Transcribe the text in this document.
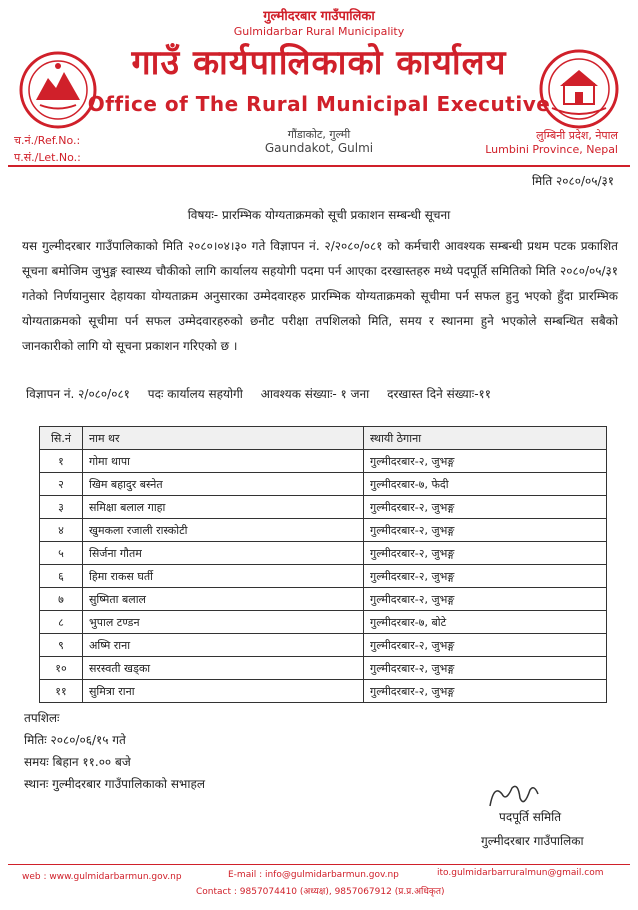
गुल्मीदरबार गाउँपालिका
Gulmidarbar Rural Municipality
गाउँ कार्यपालिकाको कार्यालय
Office of The Rural Municipal Executive
गौंडाकोट, गुल्मी
Gaundakot, Gulmi
च.नं./Ref.No.:
प.सं./Let.No.:
लुम्बिनी प्रदेश, नेपाल
Lumbini Province, Nepal
मिति २०८०/०५/३१
विषयः- प्रारम्भिक योग्यताक्रमको सूची प्रकाशन सम्बन्धी सूचना
यस गुल्मीदरबार गाउँपालिकाको मिति २०८०।०४।३० गते विज्ञापन नं. २/२०८०/०८१ को कर्मचारी आवश्यक सम्बन्धी प्रथम पटक प्रकाशित सूचना बमोजिम जुभुङ्ग स्वास्थ्य चौकीको लागि कार्यालय सहयोगी पदमा पर्न आएका दरखास्तहरु मध्ये पदपूर्ति समितिको मिति २०८०/०५/३१ गतेको निर्णयानुसार देहायका योग्यताक्रम अनुसारका उम्मेदवारहरु प्रारम्भिक योग्यताक्रमको सूचीमा पर्न सफल हुनु भएको हुँदा प्रारम्भिक योग्यताक्रमको सूचीमा पर्न सफल उम्मेदवारहरुको छनौट परीक्षा तपशिलको मिति, समय र स्थानमा हुने भएकोले सम्बन्धित सबैको जानकारीको लागि यो सूचना प्रकाशन गरिएको छ ।
विज्ञापन नं. २/०८०/०८१ पदः कार्यालय सहयोगी आवश्यक संख्याः- १ जना दरखास्त दिने संख्याः-११
सि.नं	नाम थर	स्थायी ठेगाना
१	गोमा थापा	गुल्मीदरबार-२, जुभङ्ग
२	खिम बहादुर बस्नेत	गुल्मीदरबार-७, फेदी
३	समिक्षा बलाल गाहा	गुल्मीदरबार-२, जुभङ्ग
४	खुमकला रजाली रास्कोटी	गुल्मीदरबार-२, जुभङ्ग
५	सिर्जना गौतम	गुल्मीदरबार-२, जुभङ्ग
६	हिमा राकस घर्ती	गुल्मीदरबार-२, जुभङ्ग
७	सुष्मिता बलाल	गुल्मीदरबार-२, जुभङ्ग
८	भुपाल टण्डन	गुल्मीदरबार-७, बोटे
९	अष्मि राना	गुल्मीदरबार-२, जुभङ्ग
१०	सरस्वती खड्का	गुल्मीदरबार-२, जुभङ्ग
११	सुमित्रा राना	गुल्मीदरबार-२, जुभङ्ग
तपशिलः
मितिः २०८०/०६/१५ गते
समयः बिहान ११.०० बजे
स्थानः गुल्मीदरबार गाउँपालिकाको सभाहल
पदपूर्ति समिति
गुल्मीदरबार गाउँपालिका
web : www.gulmidarbarmun.gov.np	E-mail : info@gulmidarbarmun.gov.np	ito.gulmidarbarruralmun@gmail.com
Contact : 9857074410 (अध्यक्ष), 9857067912 (प्र.प्र.अधिकृत)
